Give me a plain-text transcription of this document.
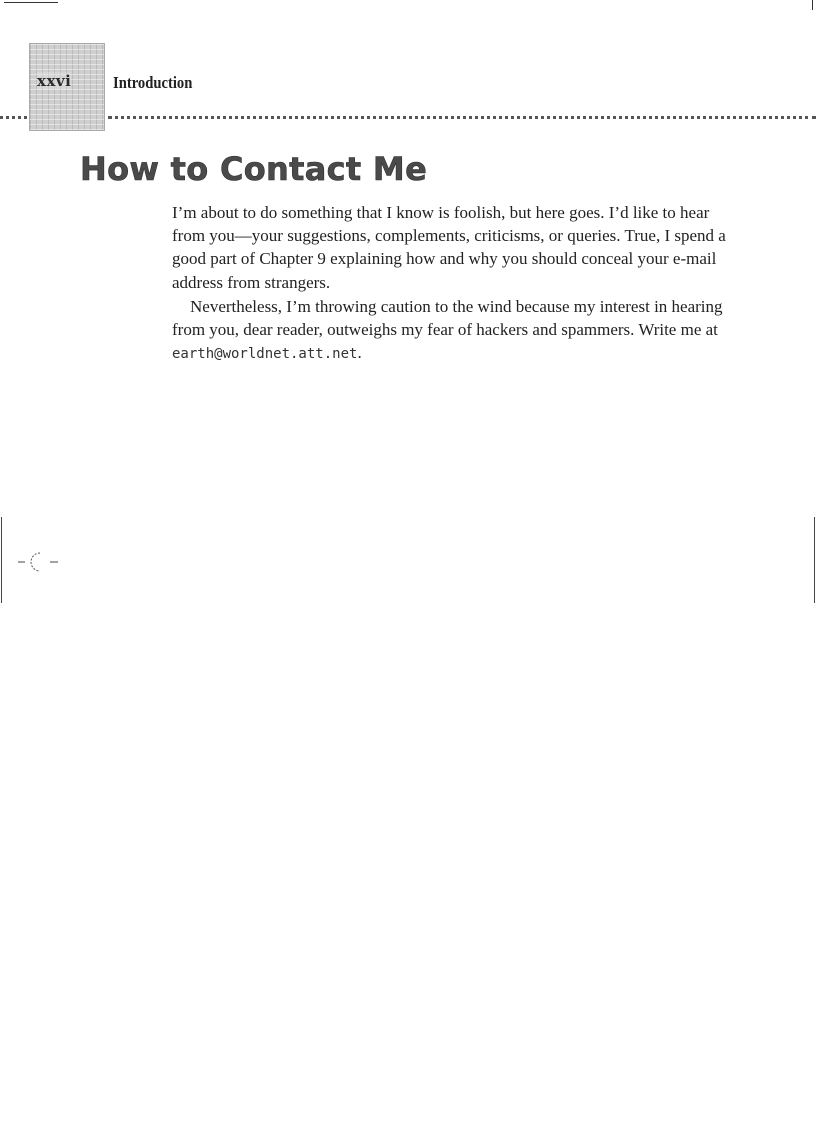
xxvi Introduction
How to Contact Me

I’m about to do something that I know is foolish, but here goes. I’d like to hear from you—your suggestions, complements, criticisms, or queries. True, I spend a good part of Chapter 9 explaining how and why you should conceal your e-mail address from strangers.

Nevertheless, I’m throwing caution to the wind because my interest in hearing from you, dear reader, outweighs my fear of hackers and spammers. Write me at earth@worldnet.att.net.
